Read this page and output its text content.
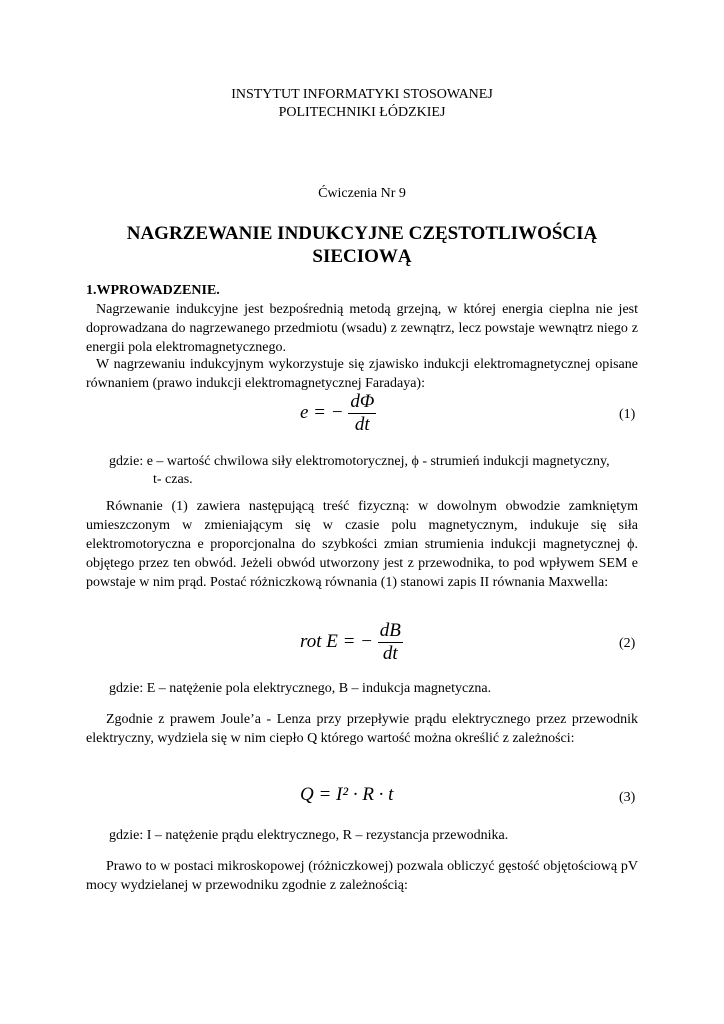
INSTYTUT INFORMATYKI STOSOWANEJ
POLITECHNIKI ŁÓDZKIEJ
Ćwiczenia Nr 9
NAGRZEWANIE INDUKCYJNE CZĘSTOTLIWOŚCIĄ
SIECIOWĄ
1.WPROWADZENIE.

Nagrzewanie indukcyjne jest bezpośrednią metodą grzejną, w której energia cieplna nie jest doprowadzana do nagrzewanego przedmiotu (wsadu) z zewnątrz, lecz powstaje wewnątrz niego z energii pola elektromagnetycznego.

W nagrzewaniu indukcyjnym wykorzystuje się zjawisko indukcji elektromagnetycznej opisane równaniem (prawo indukcji elektromagnetycznej Faradaya):

e = − $\frac{d\Phi}{dt}$	(1)
gdzie: e – wartość chwilowa siły elektromotorycznej, ϕ - strumień indukcji magnetyczny,
t- czas.

Równanie (1) zawiera następującą treść fizyczną: w dowolnym obwodzie zamkniętym umieszczonym w zmieniającym się w czasie polu magnetycznym, indukuje się siła elektromotoryczna e proporcjonalna do szybkości zmian strumienia indukcji magnetycznej ϕ. objętego przez ten obwód. Jeżeli obwód utworzony jest z przewodnika, to pod wpływem SEM e powstaje w nim prąd. Postać różniczkową równania (1) stanowi zapis II równania Maxwella:

rot E = − $\frac{dB}{dt}$	(2)
gdzie: E – natężenie pola elektrycznego, B – indukcja magnetyczna.

Zgodnie z prawem Joule’a - Lenza przy przepływie prądu elektrycznego przez przewodnik elektryczny, wydziela się w nim ciepło Q którego wartość można określić z zależności:

Q = I² · R · t	(3)
gdzie: I – natężenie prądu elektrycznego, R – rezystancja przewodnika.

Prawo to w postaci mikroskopowej (różniczkowej) pozwala obliczyć gęstość objętościową pV mocy wydzielanej w przewodniku zgodnie z zależnością:
